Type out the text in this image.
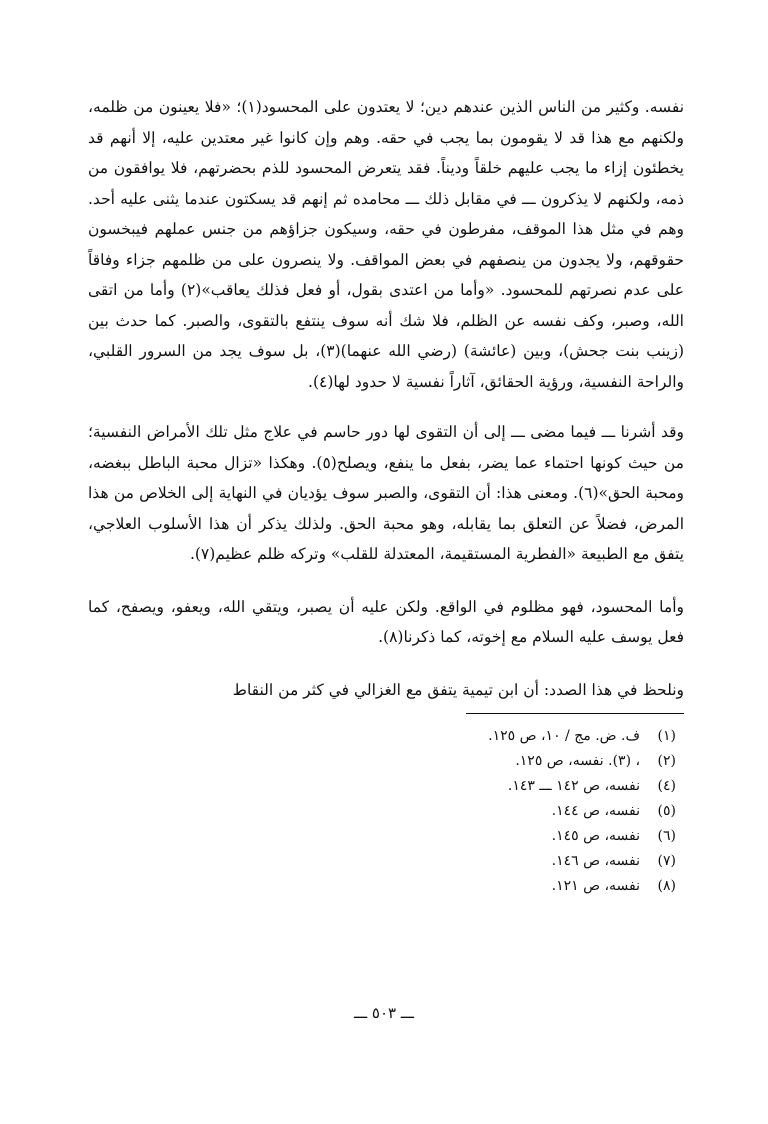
نفسه. وكثير من الناس الذين عندهم دين؛ لا يعتدون على المحسود(١)؛ «فلا يعينون من ظلمه، ولكنهم مع هذا قد لا يقومون بما يجب في حقه. وهم وإن كانوا غير معتدين عليه، إلا أنهم قد يخطئون إزاء ما يجب عليهم خلقاً وديناً. فقد يتعرض المحسود للذم بحضرتهم، فلا يوافقون من ذمه، ولكنهم لا يذكرون ـــ في مقابل ذلك ـــ محامده ثم إنهم قد يسكتون عندما يثنى عليه أحد. وهم في مثل هذا الموقف، مفرطون في حقه، وسيكون جزاؤهم من جنس عملهم فيبخسون حقوقهم، ولا يجدون من ينصفهم في بعض المواقف. ولا ينصرون على من ظلمهم جزاء وفاقاً على عدم نصرتهم للمحسود. «وأما من اعتدى بقول، أو فعل فذلك يعاقب»(٢) وأما من اتقى الله، وصبر، وكف نفسه عن الظلم، فلا شك أنه سوف ينتفع بالتقوى، والصبر. كما حدث بين (زينب بنت جحش)، وبين (عائشة) (رضي الله عنهما)(٣)، بل سوف يجد من السرور القلبي، والراحة النفسية، ورؤية الحقائق، آثاراً نفسية لا حدود لها(٤).

وقد أشرنا ـــ فيما مضى ـــ إلى أن التقوى لها دور حاسم في علاج مثل تلك الأمراض النفسية؛ من حيث كونها احتماء عما يضر، بفعل ما ينفع، ويصلح(٥). وهكذا «تزال محبة الباطل ببغضه، ومحبة الحق»(٦). ومعنى هذا: أن التقوى، والصبر سوف يؤديان في النهاية إلى الخلاص من هذا المرض، فضلاً عن التعلق بما يقابله، وهو محبة الحق. ولذلك يذكر أن هذا الأسلوب العلاجي، يتفق مع الطبيعة «الفطرية المستقيمة، المعتدلة للقلب» وتركه ظلم عظيم(٧).

وأما المحسود، فهو مظلوم في الواقع. ولكن عليه أن يصبر، ويتقي الله، ويعفو، ويصفح، كما فعل يوسف عليه السلام مع إخوته، كما ذكرنا(٨).

ونلحظ في هذا الصدد: أن ابن تيمية يتفق مع الغزالي في كثر من النقاط

(١)ف. ض. مج / ١٠، ص ١٢٥.
(٢)، (٣). نفسه، ص ١٢٥.
(٤)نفسه، ص ١٤٢ ـــ ١٤٣.
(٥)نفسه، ص ١٤٤.
(٦)نفسه، ص ١٤٥.
(٧)نفسه، ص ١٤٦.
(٨)نفسه، ص ١٢١.
ـــ ٥٠٣ ـــ
